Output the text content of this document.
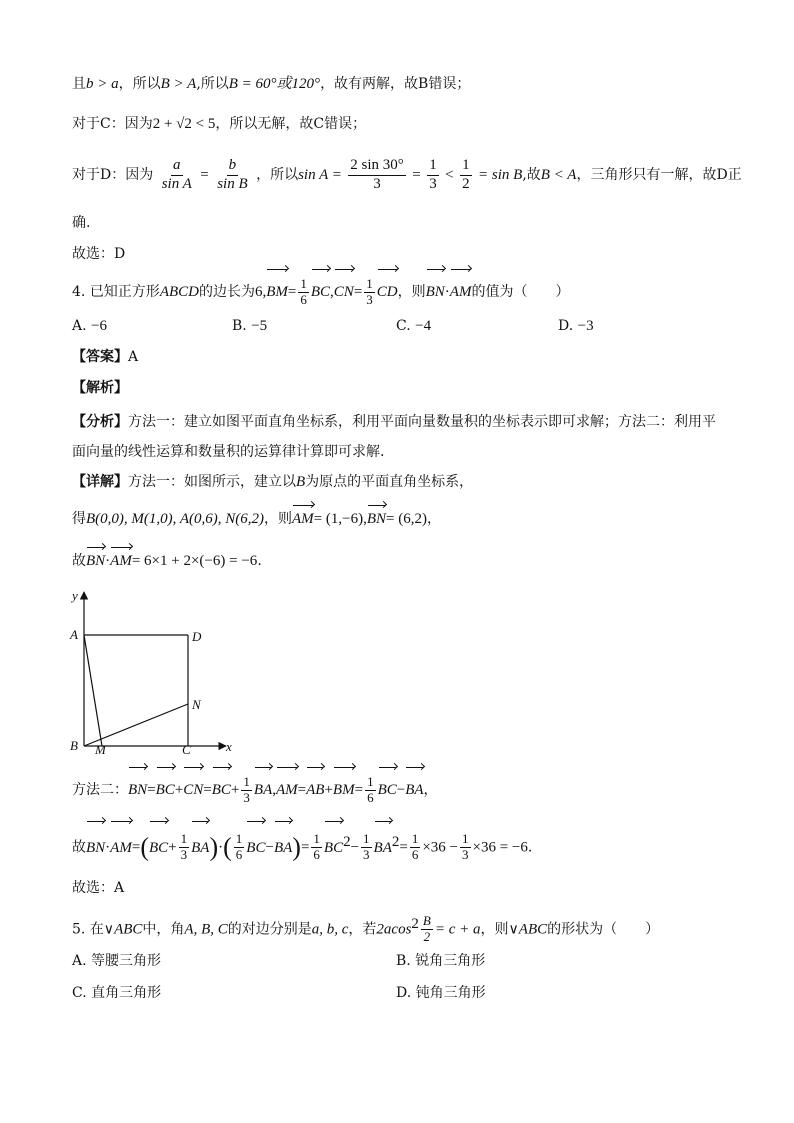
且b > a，所以B > A,所以B = 60°或120°，故有两解，故B错误；
对于C：因为2 + √2 < 5，所以无解，故C错误；
对于D：因为 $\frac{a}{\text{sin A}} = \frac{b}{\text{sin B}}$ ，所以$\sin A = \frac{2 \sin 30^\circ}{3} = \frac{1}{3} < \frac{1}{2} = \sin B$,故B < A，三角形只有一解，故D正
确.
故选：D
4. 已知正方形ABCD的边长为$6,BM= \frac{1}{6} BC,CN= \frac{1}{3}$ CD，则BN·AM的值为（　　）
A. −6	B. −5	C. −4	D. −3
【答案】A
【解析】
【分析】方法一：建立如图平面直角坐标系，利用平面向量数量积的坐标表示即可求解；方法二：利用平
面向量的线性运算和数量积的运算律计算即可求解.
【详解】方法一：如图所示，建立以B为原点的平面直角坐标系，
得B(0,0), M(1,0), A(0,6), N(6,2)，则AM= (1,−6),BN= (6,2)，
故BN·AM= 6×1 + 2×(−6) = −6.
y
x
A	D
N
B M	C
方法二：$BN=BC+CN=BC+ \frac{1}{3} BA,AM=AB+BM= \frac{1}{6} BC-BA$，
故$BN\cdot AM=(BC+ \frac{1}{3} BA)\cdot( \frac{1}{6} BC-BA)= \frac{1}{6} BC^2- \frac{1}{3} BA^2= \frac{1}{6} \times 36 - \frac{1}{3} \times 36 = -6$.
故选：A
5. 在∨ABC中，角A, B, C的对边分别是a, b, c，若$2acos^2 \frac{B}{2} = c + a$，则∨ABC的形状为（　　）
A. 等腰三角形	B. 锐角三角形
C. 直角三角形	D. 钝角三角形
